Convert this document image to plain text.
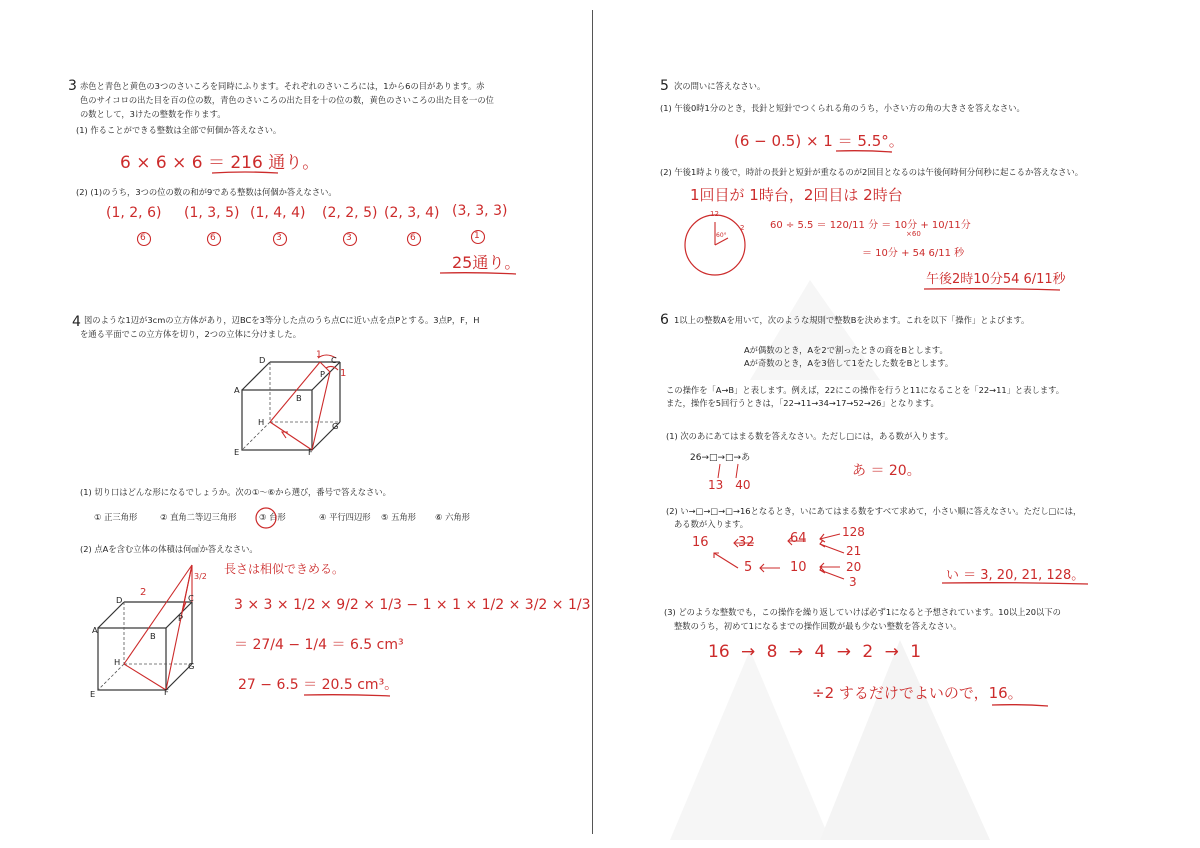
3 赤色と青色と黄色の3つのさいころを同時にふります。それぞれのさいころには，1から6の目があります。赤
色のサイコロの出た目を百の位の数，青色のさいころの出た目を十の位の数，黄色のさいころの出た目を一の位
の数として，3けたの整数を作ります。
(1) 作ることができる整数は全部で何個か答えなさい。
6 × 6 × 6 ＝ 216 通り。
(2) (1)のうち，3つの位の数の和が9である整数は何個か答えなさい。
(1, 2, 6) (1, 3, 5) (1, 4, 4) (2, 2, 5) (2, 3, 4) (3, 3, 3)
6	6	3	3	6	1
25通り。
4 図のような1辺が3cmの立方体があり，辺BCを3等分した点のうち点Cに近い点を点Pとする。3点P，F，H
を通る平面でこの立方体を切り，2つの立体に分けました。
A
B
C
D
E	F
G
H
P
1
1
(1) 切り口はどんな形になるでしょうか。次の①～⑥から選び，番号で答えなさい。
① 正三角形	② 直角二等辺三角形	③ 台形	④ 平行四辺形 ⑤ 五角形 ⑥ 六角形
(2) 点Aを含む立体の体積は何㎤か答えなさい。
長さは相似できめる。
A
B
C
D
E	F
G
H
P
2
3/2
3 × 3 × 1/2 × 9/2 × 1/3 − 1 × 1 × 1/2 × 3/2 × 1/3
＝ 27/4 − 1/4 ＝ 6.5 cm³
27 − 6.5 ＝ 20.5 cm³。
5 次の問いに答えなさい。
(1) 午後0時1分のとき，長針と短針でつくられる角のうち，小さい方の角の大きさを答えなさい。
(6 − 0.5) × 1 ＝ 5.5°。
(2) 午後1時より後で，時計の長針と短針が重なるのが2回目となるのは午後何時何分何秒に起こるか答えなさい。
1回目が 1時台，2回目は 2時台
12
2
60°
60 ÷ 5.5 ＝ 120/11 分 ＝ 10分 + 10/11分
×60
＝ 10分 + 54 6/11 秒
午後2時10分54 6/11秒
6 1以上の整数Aを用いて，次のような規則で整数Bを決めます。これを以下「操作」とよびます。
Aが偶数のとき，Aを2で割ったときの商をBとします。
Aが奇数のとき，Aを3倍して1をたした数をBとします。
この操作を「A→B」と表します。例えば，22にこの操作を行うと11になることを「22→11」と表します。
また，操作を5回行うときは，「22→11→34→17→52→26」となります。
(1) 次のあにあてはまる数を答えなさい。ただし□には，ある数が入ります。
26→□→□→あ
13　40
あ ＝ 20。
(2) い→□→□→□→16となるとき，いにあてはまる数をすべて求めて，小さい順に答えなさい。ただし□には，
ある数が入ります。
16 32	64	128
21
5	10	20
3	い ＝ 3, 20, 21, 128。
(3) どのような整数でも，この操作を繰り返していけば必ず1になると予想されています。10以上20以下の
整数のうち，初めて1になるまでの操作回数が最も少ない整数を答えなさい。
16 → 8 → 4 → 2 → 1
÷2 するだけでよいので，16。
